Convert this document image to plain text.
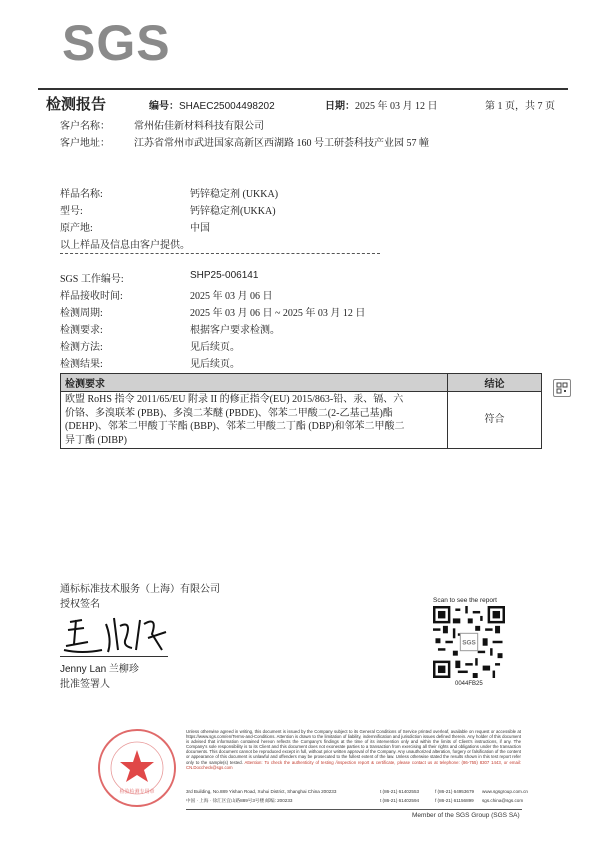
SGS
检测报告	编号：SHAEC25004498202	日期：2025 年 03 月 12 日	第 1 页，共 7 页
客户名称： 常州佑佳新材料科技有限公司
客户地址： 江苏省常州市武进国家高新区西湖路 160 号工研荟科技产业园 57 幢
样品名称:	钙锌稳定剂 (UKKA)
型号:	钙锌稳定剂(UKKA)
原产地:	中国
以上样品及信息由客户提供。
SGS 工作编号:	SHP25-006141
样品接收时间:	2025 年 03 月 06 日
检测周期:	2025 年 03 月 06 日 ~ 2025 年 03 月 12 日
检测要求:	根据客户要求检测。
检测方法:	见后续页。
检测结果:	见后续页。
检测要求	结论

欧盟 RoHS 指令 2011/65/EU 附录 II 的修正指令(EU) 2015/863-铅、汞、镉、六
价铬、多溴联苯 (PBB)、多溴二苯醚 (PBDE)、邻苯二甲酸二(2-乙基己基)酯
(DEHP)、邻苯二甲酸丁苄酯 (BBP)、邻苯二甲酸二丁酯 (DBP)和邻苯二甲酸二
异丁酯 (DIBP)	符合
通标标准技术服务（上海）有限公司
授权签名
Jenny Lan 兰柳珍
批准签署人
Scan to see the report
SGS
0044FB25
检验检测专用章
Unless otherwise agreed in writing, this document is issued by the Company subject to its General Conditions of Service printed overleaf, available on request or accessible at https://www.sgs.com/en/Terms-and-Conditions. Attention is drawn to the limitation of liability, indemnification and jurisdiction issues defined therein. Any holder of this document is advised that information contained hereon reflects the Company's findings at the time of its intervention only and within the limits of Client's instructions, if any. The Company's sole responsibility is to its Client and this document does not exonerate parties to a transaction from exercising all their rights and obligations under the transaction documents. This document cannot be reproduced except in full, without prior written approval of the Company. Any unauthorized alteration, forgery or falsification of the content or appearance of this document is unlawful and offenders may be prosecuted to the fullest extent of the law. Unless otherwise stated the results shown in this test report refer only to the sample(s) tested. Attention: To check the authenticity of testing /inspection report & certificate, please contact us at telephone: (86-755) 8307 1443, or email: CN.Doccheck@sgs.com
3rd Building, No.889 Yishan Road, Xuhui District, Shanghai China 200233
中国 · 上海 · 徐汇区宜山路889号3号楼 邮编: 200233
t (86-21) 61402553
t (86-21) 61402594
f (86-21) 64953679
f (86-21) 61156899
www.sgsgroup.com.cn
sgs.china@sgs.com
Member of the SGS Group (SGS SA)
